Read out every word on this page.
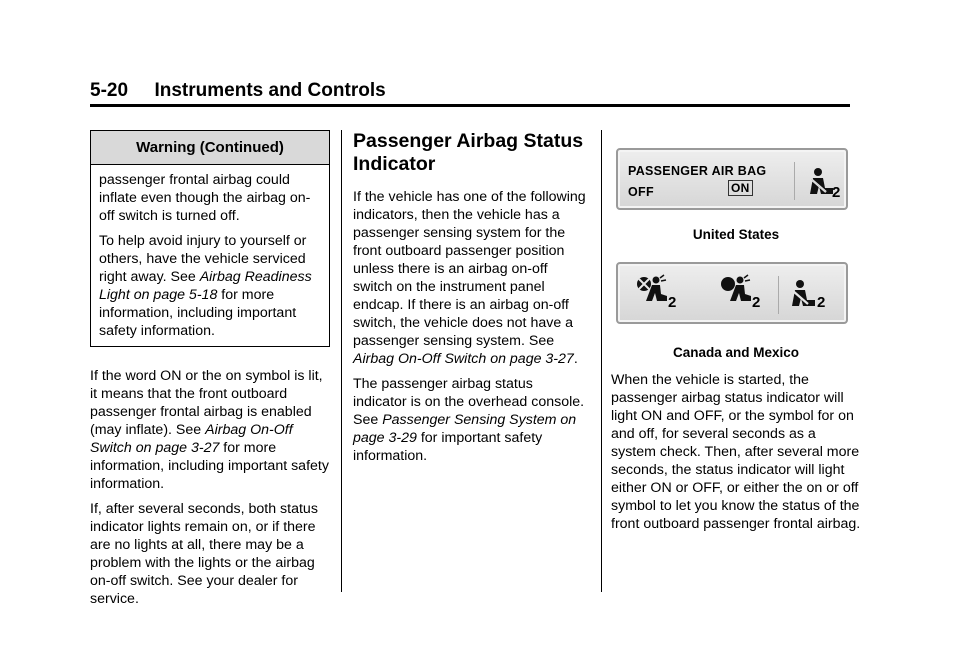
5-20 Instruments and Controls
Warning (Continued)

passenger frontal airbag could inflate even though the airbag on-off switch is turned off.

To help avoid injury to yourself or others, have the vehicle serviced right away. See Airbag Readiness Light on page 5-18 for more information, including important safety information.

If the word ON or the on symbol is lit, it means that the front outboard passenger frontal airbag is enabled (may inflate). See Airbag On-Off Switch on page 3-27 for more information, including important safety information.

If, after several seconds, both status indicator lights remain on, or if there are no lights at all, there may be a problem with the lights or the airbag on-off switch. See your dealer for service.

Passenger Airbag Status Indicator

If the vehicle has one of the following indicators, then the vehicle has a passenger sensing system for the front outboard passenger position unless there is an airbag on-off switch on the instrument panel endcap. If there is an airbag on-off switch, the vehicle does not have a passenger sensing system. See Airbag On-Off Switch on page 3-27.

The passenger airbag status indicator is on the overhead console. See Passenger Sensing System on page 3-29 for important safety information.

PASSENGER AIR BAG
OFF	ON	2

United States

2	2	2

Canada and Mexico

When the vehicle is started, the passenger airbag status indicator will light ON and OFF, or the symbol for on and off, for several seconds as a system check. Then, after several more seconds, the status indicator will light either ON or OFF, or either the on or off symbol to let you know the status of the front outboard passenger frontal airbag.
